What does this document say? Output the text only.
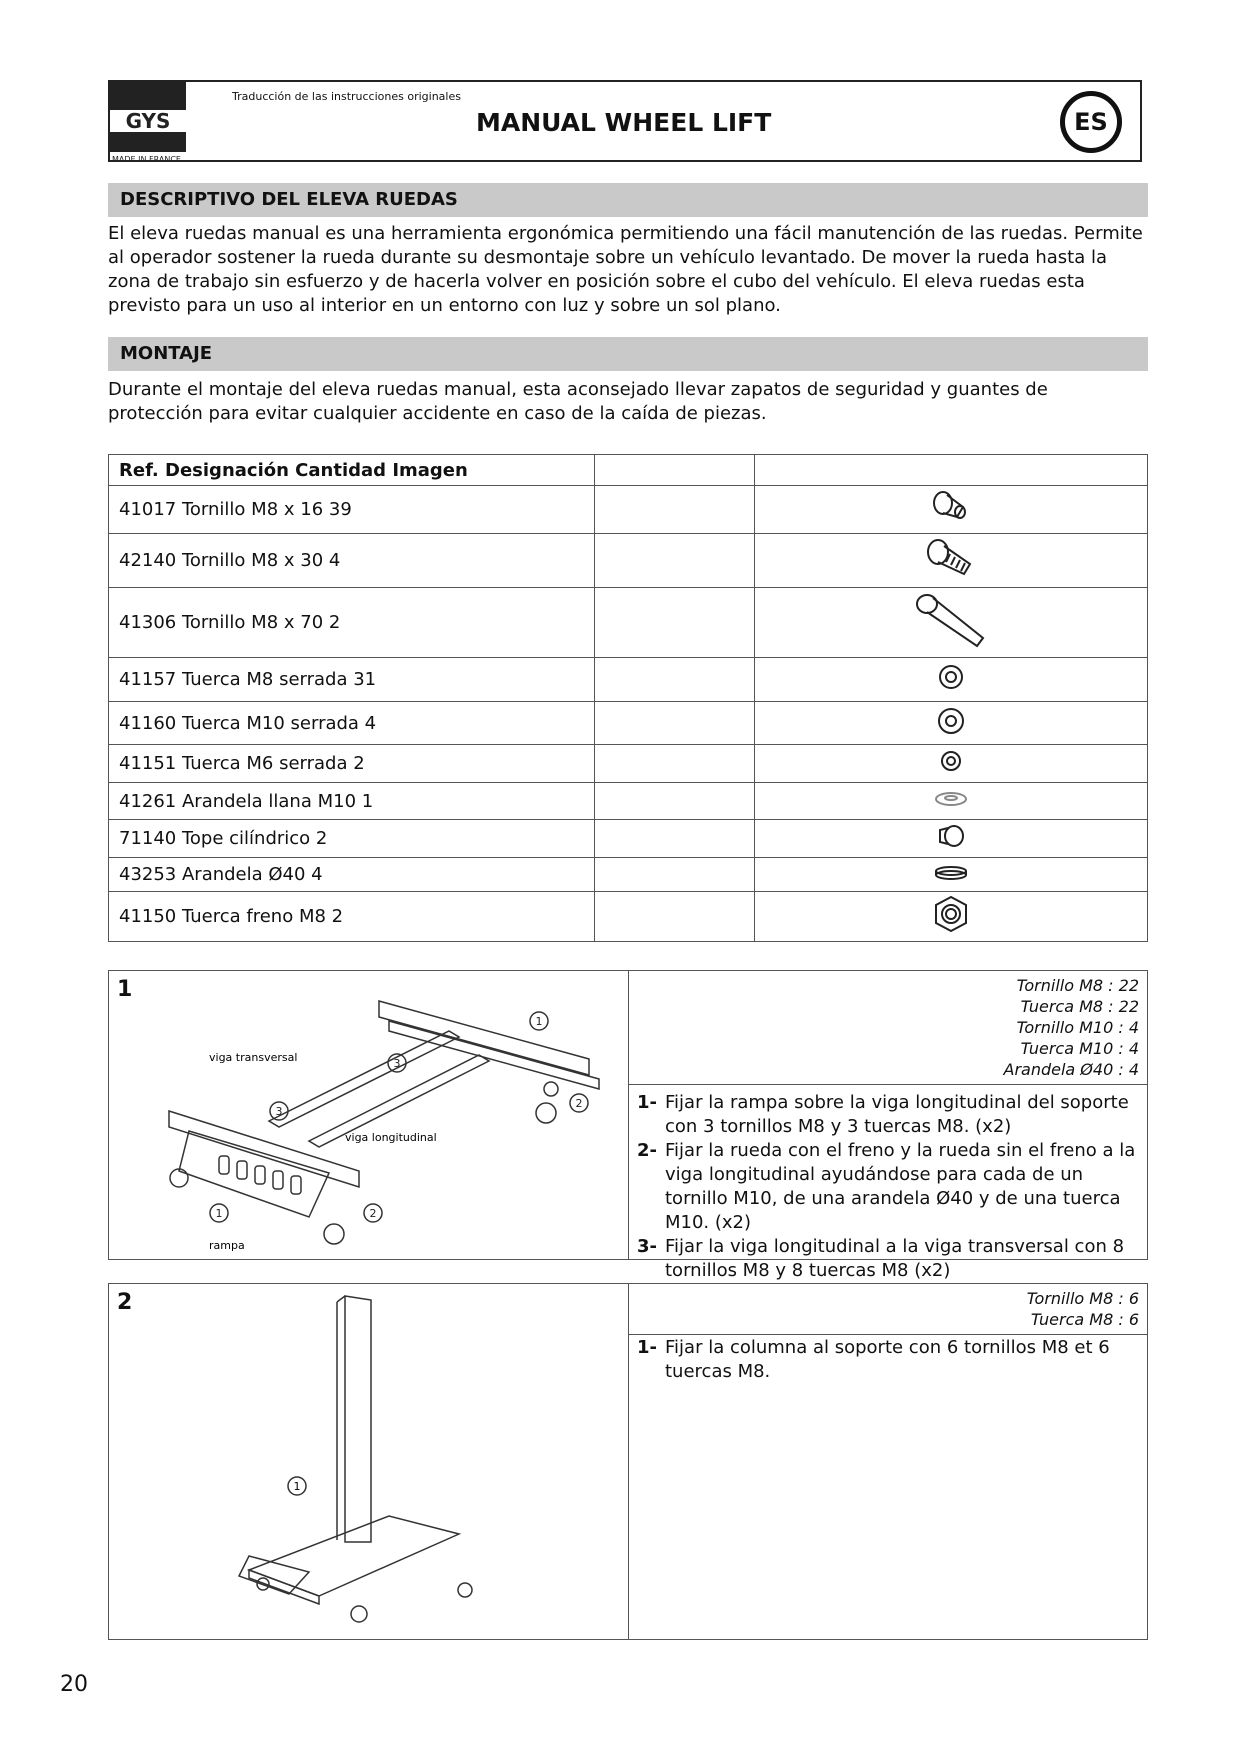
GYS
MADE IN FRANCE
Traducción de las instrucciones originales
MANUAL WHEEL LIFT	ES
DESCRIPTIVO DEL ELEVA RUEDAS
El eleva ruedas manual es una herramienta ergonómica permitiendo una fácil manutención de las ruedas. Permite al operador sostener la rueda durante su desmontaje sobre un vehículo levantado. De mover la rueda hasta la zona de trabajo sin esfuerzo y de hacerla volver en posición sobre el cubo del vehículo. El eleva ruedas esta previsto para un uso al interior en un entorno con luz y sobre un sol plano.
MONTAJE
Durante el montaje del eleva ruedas manual, esta aconsejado llevar zapatos de seguridad y guantes de protección para evitar cualquier accidente en caso de la caída de piezas.
Ref. Designación Cantidad Imagen		
41017 Tornillo M8 x 16 39		
42140 Tornillo M8 x 30 4		
41306 Tornillo M8 x 70 2		
41157 Tuerca M8 serrada 31		
41160 Tuerca M10 serrada 4		
41151 Tuerca M6 serrada 2		
41261 Arandela llana M10 1		
71140 Tope cilíndrico 2		
43253 Arandela Ø40 4		
41150 Tuerca freno M8 2		
1
1
2
3
3
1	2
viga transversal
viga longitudinal
rampa
Tornillo M8 : 22
Tuerca M8 : 22
Tornillo M10 : 4
Tuerca M10 : 4
Arandela Ø40 : 4
1- Fijar la rampa sobre la viga longitudinal del soporte con 3 tornillos M8 y 3 tuercas M8. (x2)
2- Fijar la rueda con el freno y la rueda sin el freno a la viga longitudinal ayudándose para cada de un tornillo M10, de una arandela Ø40 y de una tuerca M10. (x2)
3- Fijar la viga longitudinal a la viga transversal con 8 tornillos M8 y 8 tuercas M8 (x2)
2
1
Tornillo M8 : 6
Tuerca M8 : 6
1- Fijar la columna al soporte con 6 tornillos M8 et 6 tuercas M8.
20
